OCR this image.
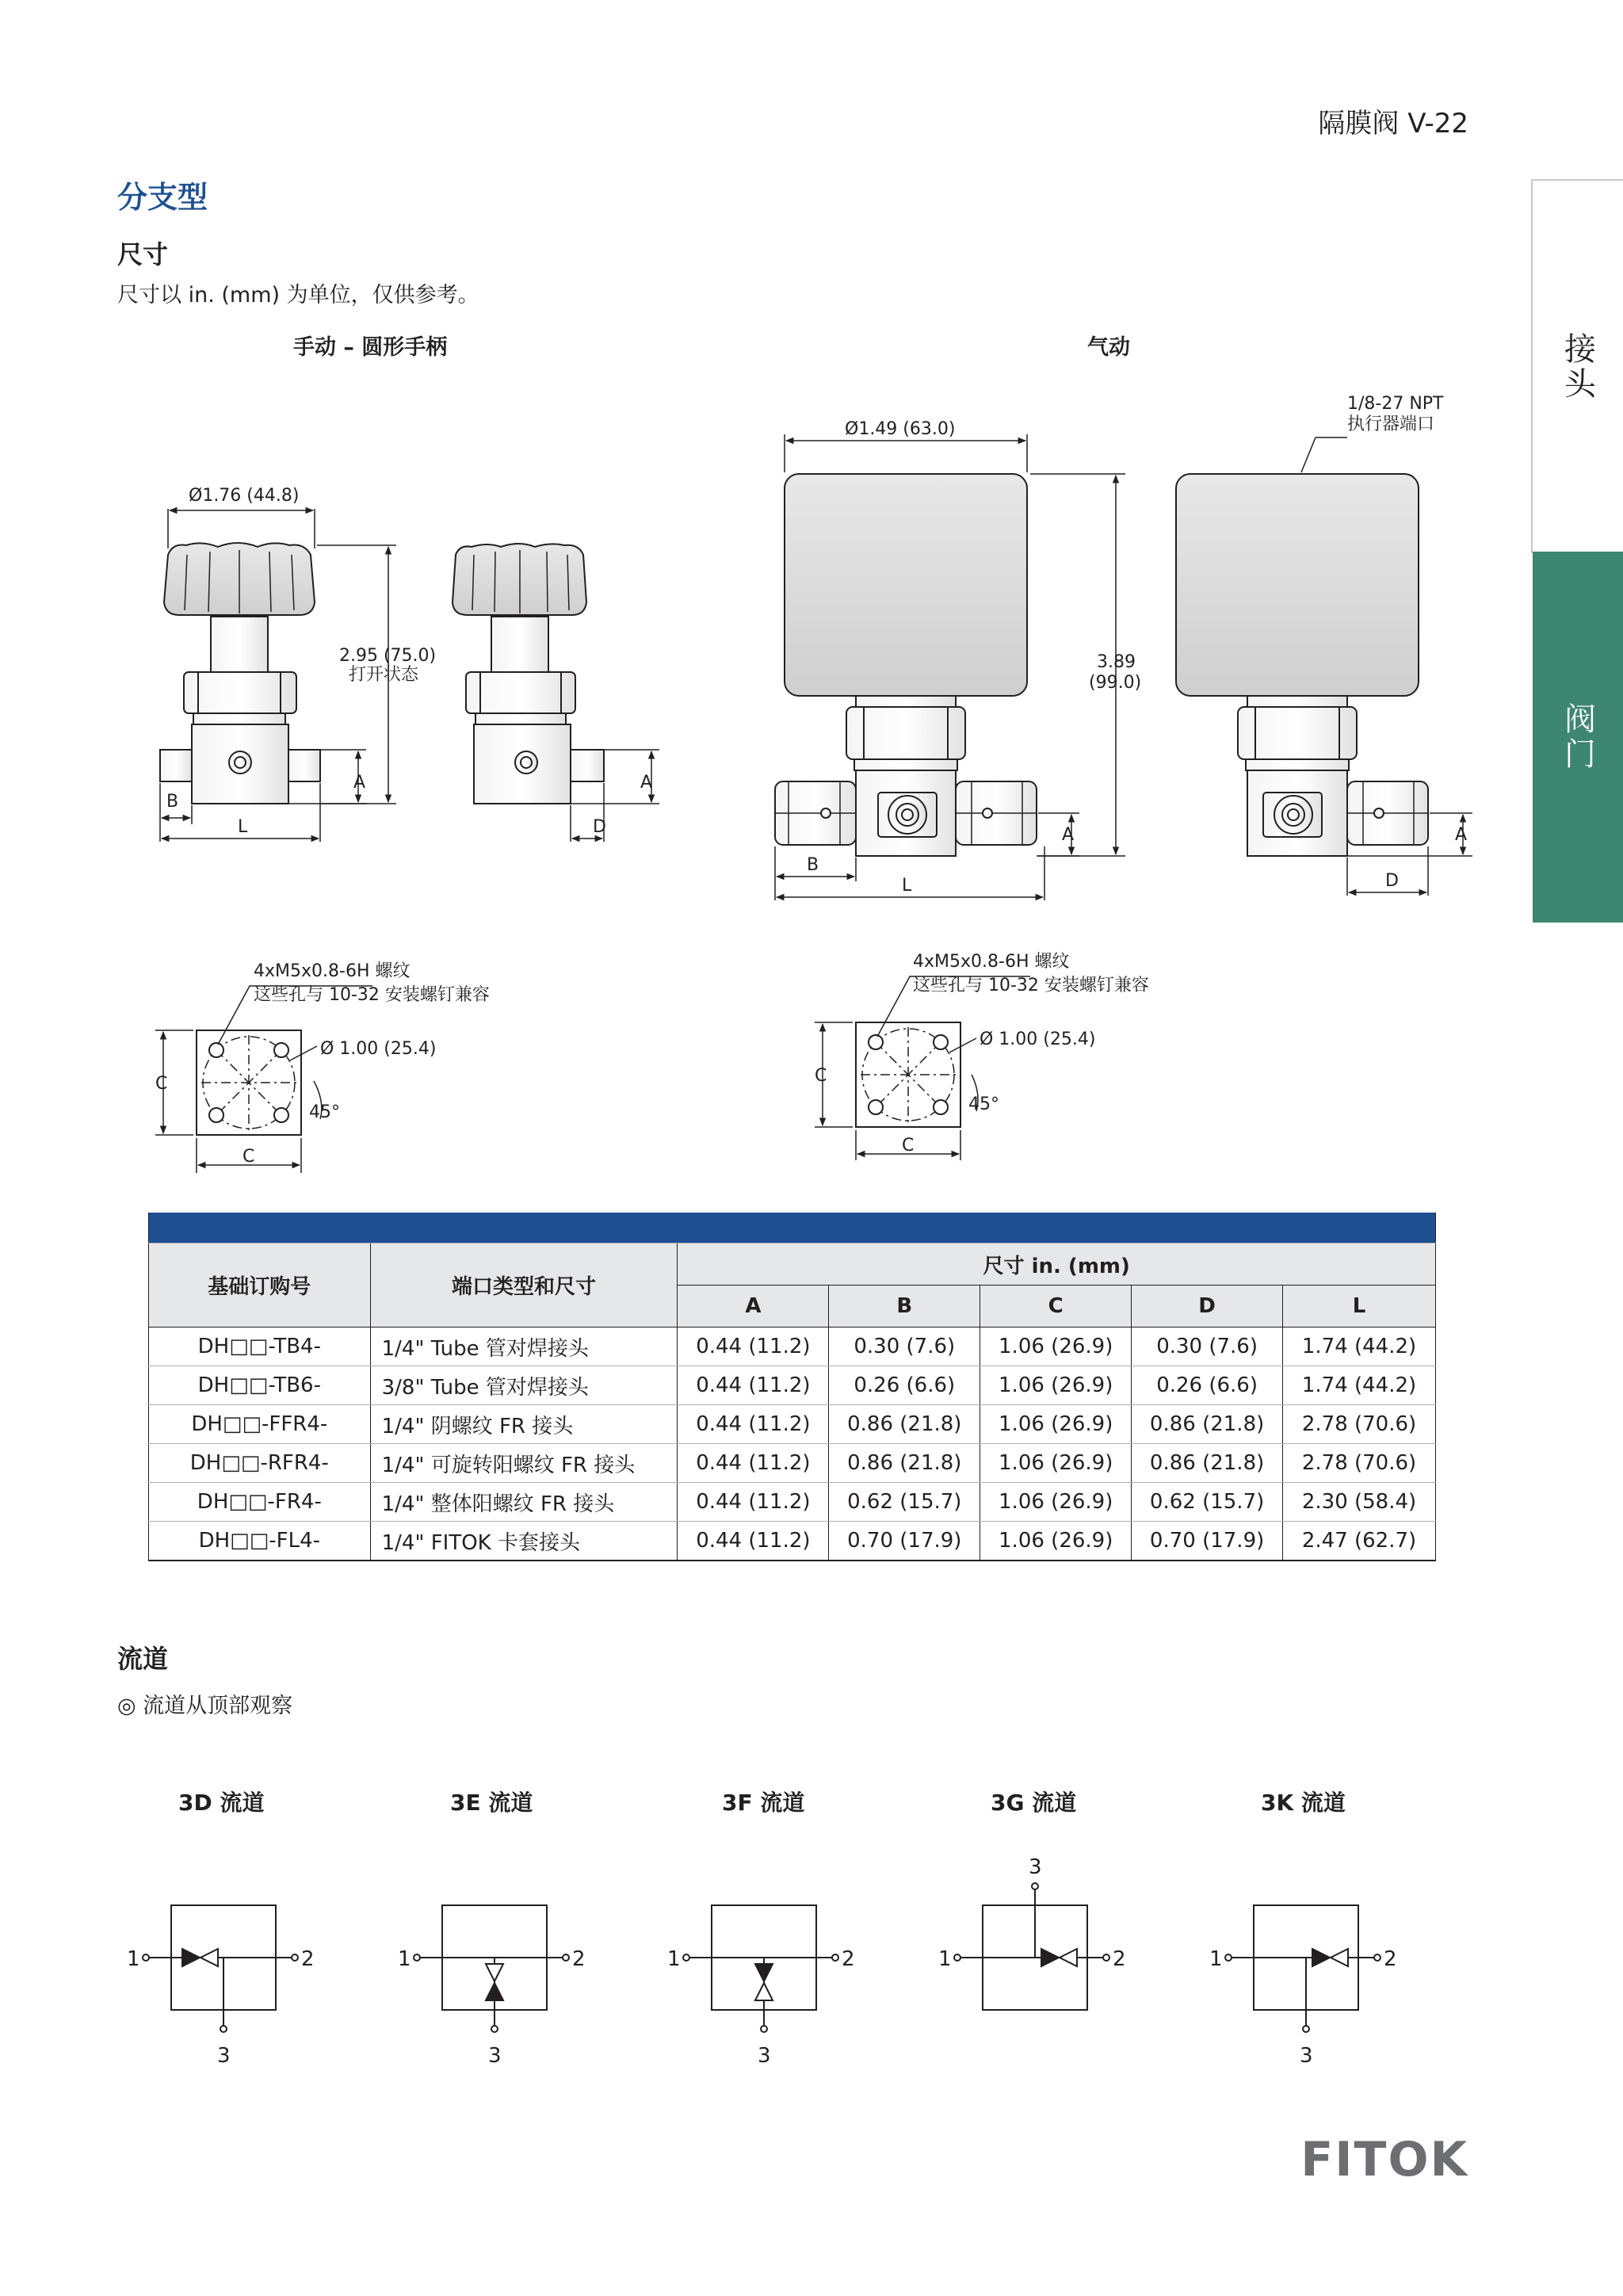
隔膜阀 V-22
接头
阀门
分支型
尺寸
尺寸以 in. (mm) 为单位，仅供参考。
手动 – 圆形手柄	气动
Ø1.76 (44.8)
2.95 (75.0)
打开状态
A
B
L
A
D
Ø1.49 (63.0)
3.89
(99.0)
A
B
L
1/8-27 NPT
执行器端口
A
D
4xM5x0.8-6H 螺纹
这些孔与 10-32 安装螺钉兼容
Ø 1.00 (25.4)
45°
C
C
4xM5x0.8-6H 螺纹
这些孔与 10-32 安装螺钉兼容
Ø 1.00 (25.4)
45°
C
C

基础订购号	端口类型和尺寸	尺寸 in. (mm)				
		A	B	C	D	L
DH□□-TB4-	1/4" Tube 管对焊接头	0.44 (11.2)	0.30 (7.6)	1.06 (26.9)	0.30 (7.6)	1.74 (44.2)
DH□□-TB6-	3/8" Tube 管对焊接头	0.44 (11.2)	0.26 (6.6)	1.06 (26.9)	0.26 (6.6)	1.74 (44.2)
DH□□-FFR4-	1/4" 阴螺纹 FR 接头	0.44 (11.2)	0.86 (21.8)	1.06 (26.9)	0.86 (21.8)	2.78 (70.6)
DH□□-RFR4-	1/4" 可旋转阳螺纹 FR 接头	0.44 (11.2)	0.86 (21.8)	1.06 (26.9)	0.86 (21.8)	2.78 (70.6)
DH□□-FR4-	1/4" 整体阳螺纹 FR 接头	0.44 (11.2)	0.62 (15.7)	1.06 (26.9)	0.62 (15.7)	2.30 (58.4)
DH□□-FL4-	1/4" FITOK 卡套接头	0.44 (11.2)	0.70 (17.9)	1.06 (26.9)	0.70 (17.9)	2.47 (62.7)
流道
◎ 流道从顶部观察
3D 流道	3E 流道	3F 流道	3G 流道	3K 流道
1	2
3
1	2
3
1	2
3
1	2
3
1	2
3
FITOK
